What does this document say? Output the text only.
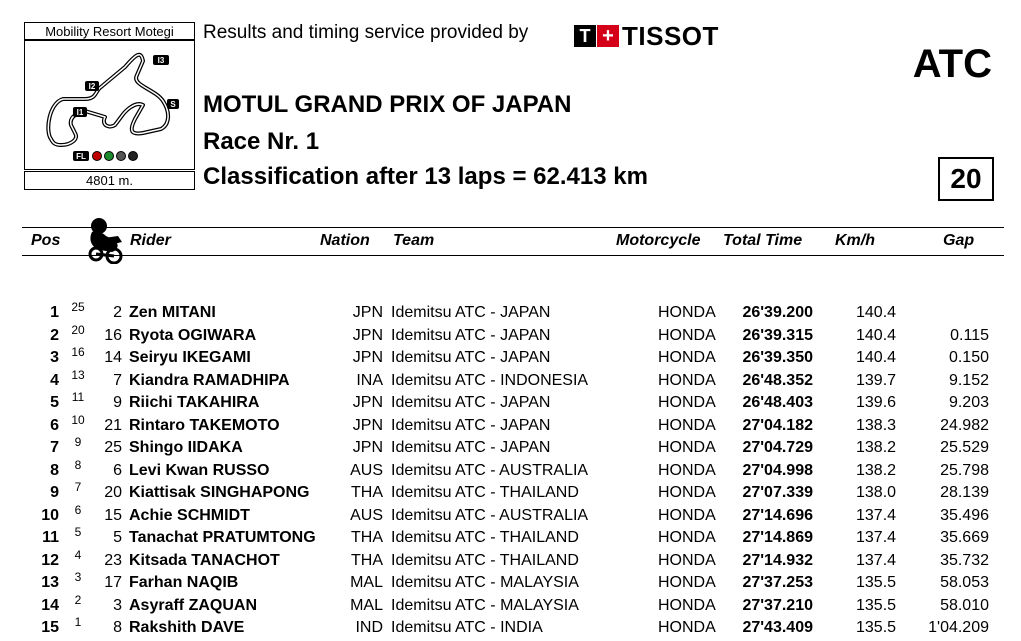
Mobility Resort Motegi
I3
I2
S
I1
FL
4801 m.
Results and timing service provided by	T + TISSOT
ATC
MOTUL GRAND PRIX OF JAPAN
Race Nr. 1
Classification after 13 laps = 62.413 km	20
Pos	Rider	Nation Team	Motorcycle Total Time Km/h	Gap
1	25	2 Zen MITANI	JPN Idemitsu ATC - JAPAN	HONDA 26'39.200	140.4
2	20	16 Ryota OGIWARA	JPN Idemitsu ATC - JAPAN	HONDA 26'39.315	140.4	0.115
3	16	14 Seiryu IKEGAMI	JPN Idemitsu ATC - JAPAN	HONDA 26'39.350	140.4	0.150
4	13	7 Kiandra RAMADHIPA	INA Idemitsu ATC - INDONESIA	HONDA 26'48.352	139.7	9.152
5	11	9 Riichi TAKAHIRA	JPN Idemitsu ATC - JAPAN	HONDA 26'48.403	139.6	9.203
6	10	21 Rintaro TAKEMOTO	JPN Idemitsu ATC - JAPAN	HONDA 27'04.182	138.3	24.982
7	9	25 Shingo IIDAKA	JPN Idemitsu ATC - JAPAN	HONDA 27'04.729	138.2	25.529
8	8	6 Levi Kwan RUSSO	AUS Idemitsu ATC - AUSTRALIA	HONDA 27'04.998	138.2	25.798
9	7	20 Kiattisak SINGHAPONG	THA Idemitsu ATC - THAILAND	HONDA 27'07.339	138.0	28.139
10	6	15 Achie SCHMIDT	AUS Idemitsu ATC - AUSTRALIA	HONDA 27'14.696	137.4	35.496
11	5	5 Tanachat PRATUMTONG THA Idemitsu ATC - THAILAND	HONDA 27'14.869	137.4	35.669
12	4	23 Kitsada TANACHOT	THA Idemitsu ATC - THAILAND	HONDA 27'14.932	137.4	35.732
13	3	17 Farhan NAQIB	MAL Idemitsu ATC - MALAYSIA	HONDA 27'37.253	135.5	58.053
14	2	3 Asyraff ZAQUAN	MAL Idemitsu ATC - MALAYSIA	HONDA 27'37.210	135.5	58.010
15	1	8 Rakshith DAVE	IND Idemitsu ATC - INDIA	HONDA 27'43.409	135.5 1'04.209
